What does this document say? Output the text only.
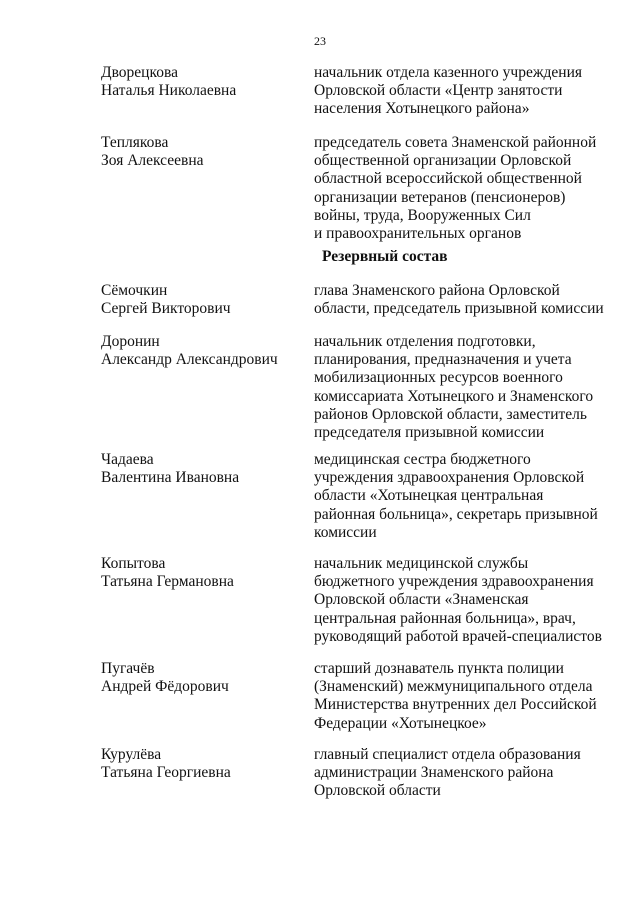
23
Дворецкова
Наталья Николаевна
начальник отдела казенного учреждения
Орловской области «Центр занятости
населения Хотынецкого района»
Теплякова
Зоя Алексеевна
председатель совета Знаменской районной
общественной организации Орловской
областной всероссийской общественной
организации ветеранов (пенсионеров)
войны, труда, Вооруженных Сил
и правоохранительных органов
Резервный состав
Сёмочкин
Сергей Викторович
глава Знаменского района Орловской
области, председатель призывной комиссии
Доронин
Александр Александрович
начальник отделения подготовки,
планирования, предназначения и учета
мобилизационных ресурсов военного
комиссариата Хотынецкого и Знаменского
районов Орловской области, заместитель
председателя призывной комиссии
Чадаева
Валентина Ивановна
медицинская сестра бюджетного
учреждения здравоохранения Орловской
области «Хотынецкая центральная
районная больница», секретарь призывной
комиссии
Копытова
Татьяна Германовна
начальник медицинской службы
бюджетного учреждения здравоохранения
Орловской области «Знаменская
центральная районная больница», врач,
руководящий работой врачей-специалистов
Пугачёв
Андрей Фёдорович
старший дознаватель пункта полиции
(Знаменский) межмуниципального отдела
Министерства внутренних дел Российской
Федерации «Хотынецкое»
Курулёва
Татьяна Георгиевна
главный специалист отдела образования
администрации Знаменского района
Орловской области
